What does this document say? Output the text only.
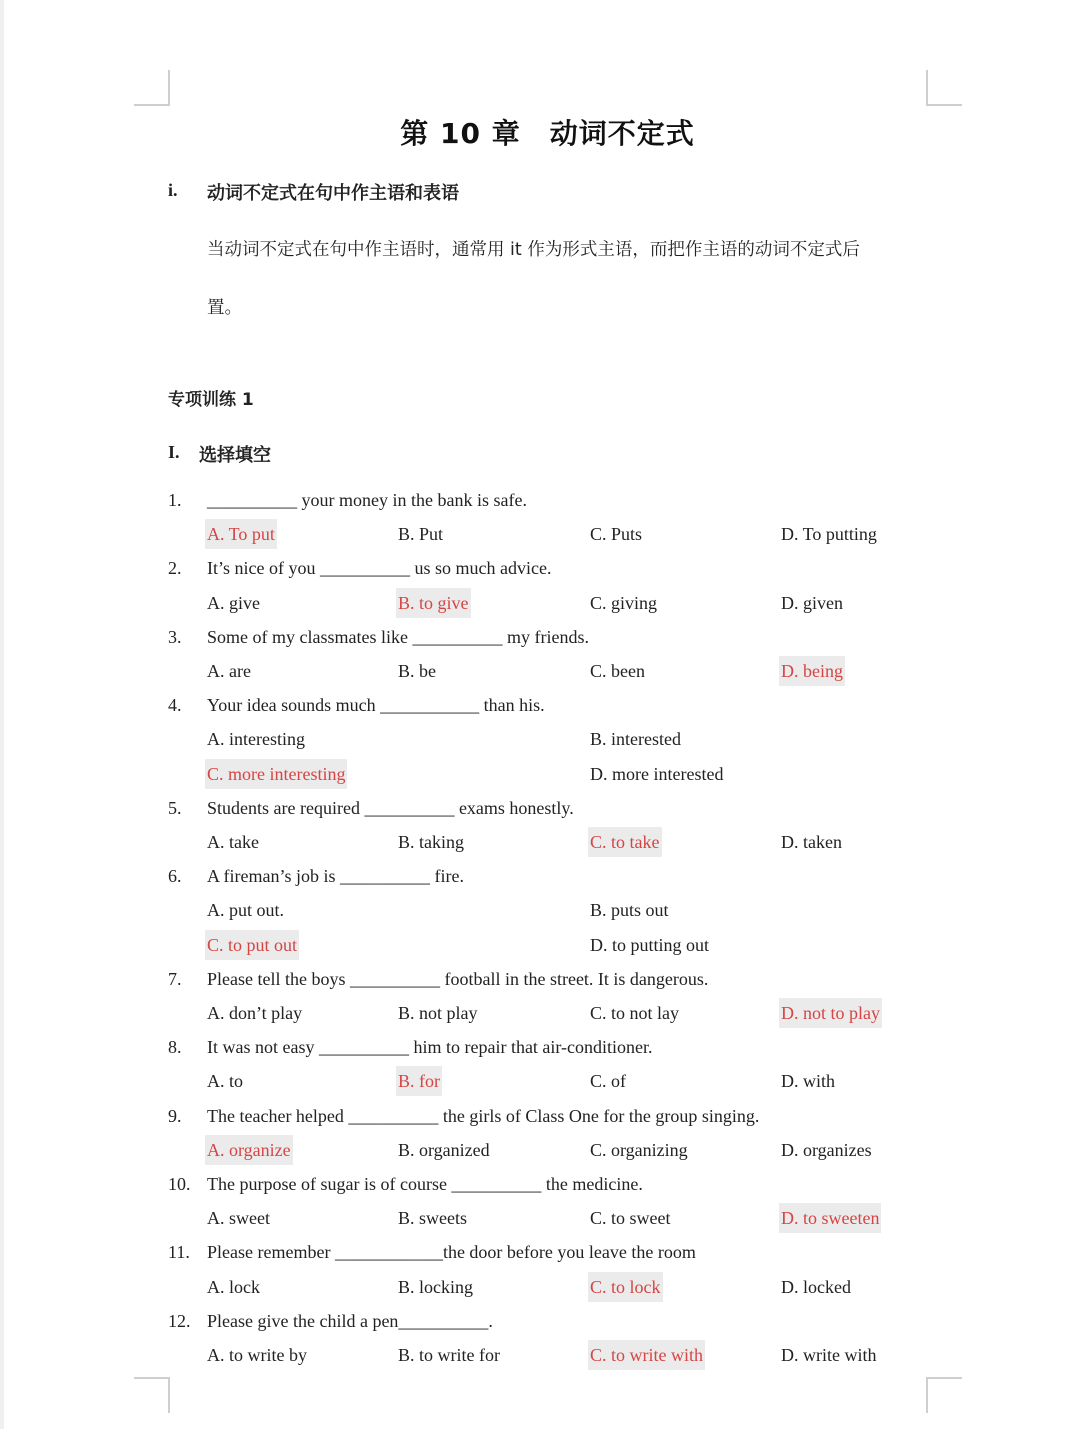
第 10 章　动词不定式
i. 动词不定式在句中作主语和表语
当动词不定式在句中作主语时，通常用 it 作为形式主语，而把作主语的动词不定式后
置。
专项训练 1
I. 选择填空
1. __________ your money in the bank is safe.
A. To put	B. Put	C. Puts	D. To putting
2. It’s nice of you __________ us so much advice.
A. give	B. to give	C. giving	D. given
3. Some of my classmates like __________ my friends.
A. are	B. be	C. been	D. being
4. Your idea sounds much ___________ than his.
A. interesting	B. interested
C. more interesting	D. more interested
5. Students are required __________ exams honestly.
A. take	B. taking	C. to take	D. taken
6. A fireman’s job is __________ fire.
A. put out.	B. puts out
C. to put out	D. to putting out
7. Please tell the boys __________ football in the street. It is dangerous.
A. don’t play	B. not play	C. to not lay	D. not to play
8. It was not easy __________ him to repair that air-conditioner.
A. to	B. for	C. of	D. with
9. The teacher helped __________ the girls of Class One for the group singing.
A. organize	B. organized	C. organizing	D. organizes
10. The purpose of sugar is of course __________ the medicine.
A. sweet	B. sweets	C. to sweet	D. to sweeten
11. Please remember ____________the door before you leave the room
A. lock	B. locking	C. to lock	D. locked
12. Please give the child a pen__________.
A. to write by	B. to write for	C. to write with	D. write with
